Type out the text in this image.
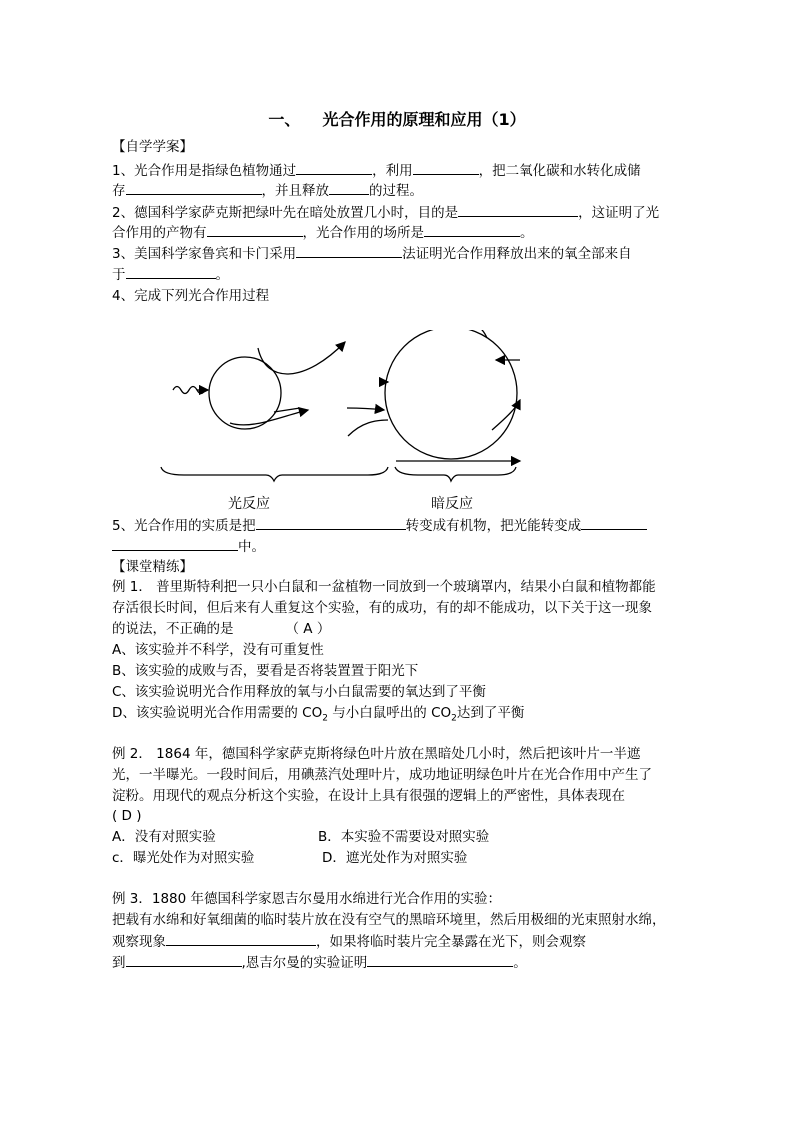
一、 光合作用的原理和应用（1）
【自学学案】
1、光合作用是指绿色植物通过	，利用	，把二氧化碳和水转化成储
存	，并且释放	的过程。
2、德国科学家萨克斯把绿叶先在暗处放置几小时，目的是	，这证明了光
合作用的产物有	，光合作用的场所是	。
3、美国科学家鲁宾和卡门采用	法证明光合作用释放出来的氧全部来自
于	。
4、完成下列光合作用过程
光反应	暗反应
5、光合作用的实质是把	转变成有机物，把光能转变成
中。
【课堂精练】
例 1． 普里斯特利把一只小白鼠和一盆植物一同放到一个玻璃罩内，结果小白鼠和植物都能
存活很长时间，但后来有人重复这个实验，有的成功，有的却不能成功，以下关于这一现象
的说法，不正确的是	（ A ）
A、该实验并不科学，没有可重复性
B、该实验的成败与否，要看是否将装置置于阳光下
C、该实验说明光合作用释放的氧与小白鼠需要的氧达到了平衡
D、该实验说明光合作用需要的 $CO_2$ 与小白鼠呼出的 $CO_2$达到了平衡
例 2． 1864 年，德国科学家萨克斯将绿色叶片放在黑暗处几小时，然后把该叶片一半遮
光，一半曝光。一段时间后，用碘蒸汽处理叶片，成功地证明绿色叶片在光合作用中产生了
淀粉。用现代的观点分析这个实验，在设计上具有很强的逻辑上的严密性，具体表现在
( D )
A．没有对照实验	B．本实验不需要设对照实验
c．曝光处作为对照实验	D．遮光处作为对照实验
例 3．1880 年德国科学家恩吉尔曼用水绵进行光合作用的实验：
把载有水绵和好氧细菌的临时装片放在没有空气的黑暗环境里，然后用极细的光束照射水绵，
观察现象	，如果将临时装片完全暴露在光下，则会观察
到	,恩吉尔曼的实验证明	。
